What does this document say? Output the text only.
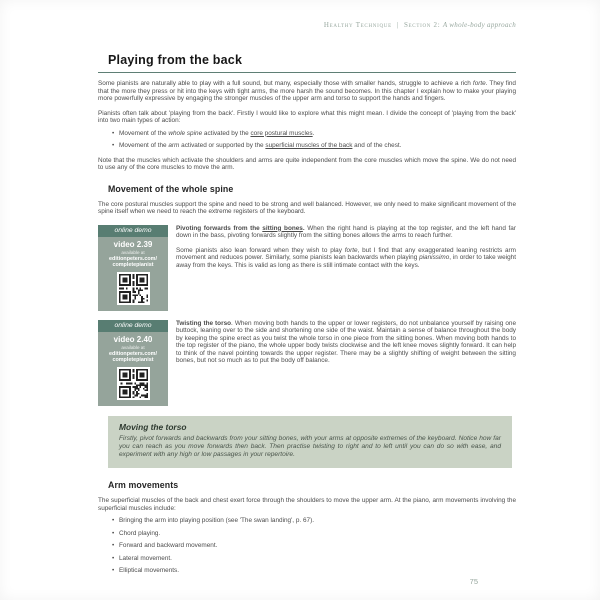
Healthy Technique | Section 2: A whole-body approach
Playing from the back

Some pianists are naturally able to play with a full sound, but many, especially those with smaller hands, struggle to achieve a rich forte. They find that the more they press or hit into the keys with tight arms, the more harsh the sound becomes. In this chapter I explain how to make your playing more powerfully expressive by engaging the stronger muscles of the upper arm and torso to support the hands and fingers.

Pianists often talk about 'playing from the back'. Firstly I would like to explore what this might mean. I divide the concept of 'playing from the back' into two main types of action:

• Movement of the whole spine activated by the core postural muscles.
• Movement of the arm activated or supported by the superficial muscles of the back and of the chest.

Note that the muscles which activate the shoulders and arms are quite independent from the core muscles which move the spine. We do not need to use any of the core muscles to move the arm.

Movement of the whole spine

The core postural muscles support the spine and need to be strong and well balanced. However, we only need to make significant movement of the spine itself when we need to reach the extreme registers of the keyboard.

online demo
video 2.39
available at
editionpeters.com/
completepianist

Pivoting forwards from the sitting bones. When the right hand is playing at the top register, and the left hand far down in the bass, pivoting forwards slightly from the sitting bones allows the arms to reach further.

Some pianists also lean forward when they wish to play forte, but I find that any exaggerated leaning restricts arm movement and reduces power. Similarly, some pianists lean backwards when playing pianissimo, in order to take weight away from the keys. This is valid as long as there is still intimate contact with the keys.

online demo
video 2.40
available at
editionpeters.com/
completepianist

Twisting the torso. When moving both hands to the upper or lower registers, do not unbalance yourself by raising one buttock, leaning over to the side and shortening one side of the waist. Maintain a sense of balance throughout the body by keeping the spine erect as you twist the whole torso in one piece from the sitting bones. When moving both hands to the top register of the piano, the whole upper body twists clockwise and the left knee moves slightly forward. It can help to think of the navel pointing towards the upper register. There may be a slightly shifting of weight between the sitting bones, but not so much as to put the body off balance.

Moving the torso

Firstly, pivot forwards and backwards from your sitting bones, with your arms at opposite extremes of the keyboard. Notice how far you can reach as you move forwards then back. Then practise twisting to right and to left until you can do so with ease, and experiment with any high or low passages in your repertoire.

Arm movements

The superficial muscles of the back and chest exert force through the shoulders to move the upper arm. At the piano, arm movements involving the superficial muscles include:

• Bringing the arm into playing position (see 'The swan landing', p. 67).
• Chord playing.
• Forward and backward movement.
• Lateral movement.
• Elliptical movements.
75
